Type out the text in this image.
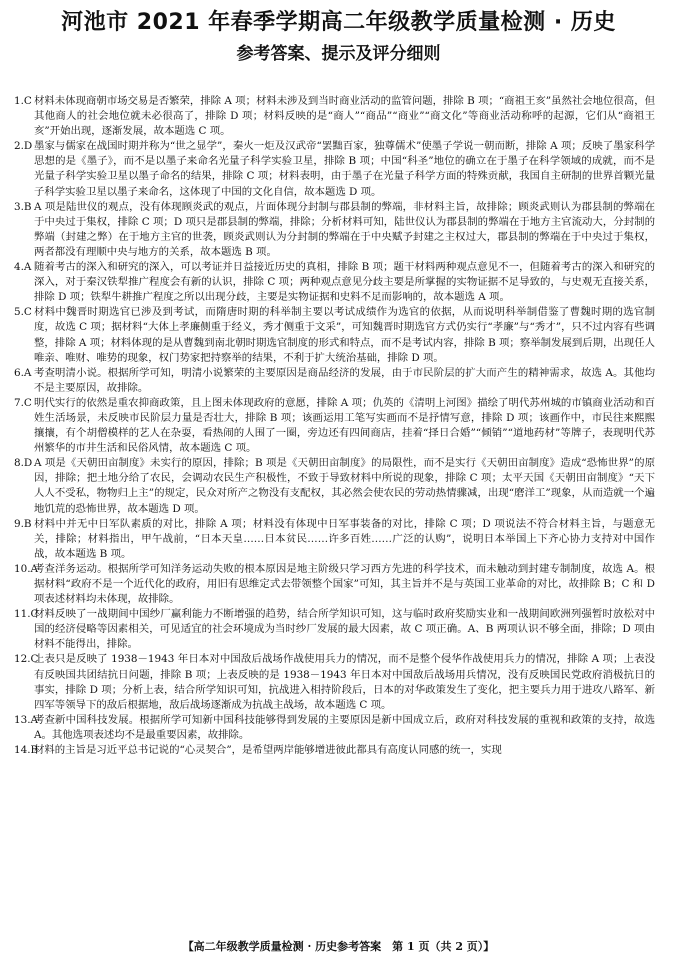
河池市 2021 年春季学期高二年级教学质量检测 · 历史
参考答案、提示及评分细则
1.C 材料未体现商朝市场交易是否繁荣，排除 A 项；材料未涉及到当时商业活动的监管问题，排除 B 项；“商祖王亥”虽然社会地位很高，但其他商人的社会地位就未必很高了，排除 D 项；材料反映的是“商人”“商品”“商业”“商文化”等商业活动称呼的起源，它们从“商祖王亥”开始出现，逐渐发展，故本题选 C 项。
2.D 墨家与儒家在战国时期并称为“世之显学”，秦火一炬及汉武帝“罢黜百家，独尊儒术”使墨子学说一朝而断，排除 A 项；反映了墨家科学思想的是《墨子》，而不是以墨子来命名光量子科学实验卫星，排除 B 项；中国“科圣”地位的确立在于墨子在科学领域的成就，而不是光量子科学实验卫星以墨子命名的结果，排除 C 项；材料表明，由于墨子在光量子科学方面的特殊贡献，我国自主研制的世界首颗光量子科学实验卫星以墨子来命名，这体现了中国的文化自信，故本题选 D 项。
3.B A 项是陆世仪的观点，没有体现顾炎武的观点，片面体现分封制与郡县制的弊端，非材料主旨，故排除；顾炎武则认为郡县制的弊端在于中央过于集权，排除 C 项；D 项只是郡县制的弊端，排除；分析材料可知，陆世仪认为郡县制的弊端在于地方主官流动大，分封制的弊端（封建之弊）在于地方主官的世袭，顾炎武则认为分封制的弊端在于中央赋予封建之主权过大，郡县制的弊端在于中央过于集权，两者都没有理顺中央与地方的关系，故本题选 B 项。
4.A 随着考古的深入和研究的深入，可以考证并日益接近历史的真相，排除 B 项；题干材料两种观点意见不一，但随着考古的深入和研究的深入，对于秦汉铁犁推广程度会有新的认识，排除 C 项；两种观点意见分歧主要是所掌握的实物证据不足导致的，与史观无直接关系，排除 D 项；铁犁牛耕推广程度之所以出现分歧，主要是实物证据和史料不足而影响的，故本题选 A 项。
5.C 材料中魏晋时期选官已涉及到考试，而隋唐时期的科举制主要以考试成绩作为选官的依据，从而说明科举制借鉴了曹魏时期的选官制度，故选 C 项；据材料“大体上孝廉侧重于经义，秀才侧重于文采”，可知魏晋时期选官方式仍实行“孝廉”与“秀才”，只不过内容有些调整，排除 A 项；材料体现的是从曹魏到南北朝时期选官制度的形式和特点，而不是考试内容，排除 B 项；察举制发展到后期，出现任人唯亲、唯财、唯势的现象，权门势家把持察举的结果，不利于扩大统治基础，排除 D 项。
6.A 考查明清小说。根据所学可知，明清小说繁荣的主要原因是商品经济的发展，由于市民阶层的扩大而产生的精神需求，故选 A。其他均不是主要原因，故排除。
7.C 明代实行的依然是重农抑商政策，且上图未体现政府的意愿，排除 A 项；仇英的《清明上河图》描绘了明代苏州城的市镇商业活动和百姓生活场景，未反映市民阶层力量是否壮大，排除 B 项；该画运用工笔写实画而不是抒情写意，排除 D 项；该画作中，市民往来熙熙攘攘，有个胡僧模样的艺人在杂耍，看热闹的人围了一圈，旁边还有四间商店，挂着“择日合婚”“倾销”“道地药材”等牌子，表现明代苏州繁华的市井生活和民俗风情，故本题选 C 项。
8.D A 项是《天朝田亩制度》未实行的原因，排除；B 项是《天朝田亩制度》的局限性，而不是实行《天朝田亩制度》造成“恐怖世界”的原因，排除；把土地分给了农民，会调动农民生产积极性，不致于导致材料中所说的现象，排除 C 项；太平天国《天朝田亩制度》“天下人人不受私，物物归上主”的规定，民众对所产之物没有支配权，其必然会使农民的劳动热情骤减，出现“磨洋工”现象，从而造就一个遍地饥荒的恐怖世界，故本题选 D 项。
9.B 材料中并无中日军队素质的对比，排除 A 项；材料没有体现中日军事装备的对比，排除 C 项；D 项说法不符合材料主旨，与题意无关，排除；材料指出，甲午战前，“日本天皇……日本贫民……许多百姓……广泛的认购”，说明日本举国上下齐心协力支持对中国作战，故本题选 B 项。
10.A
考查洋务运动。根据所学可知洋务运动失败的根本原因是地主阶级只学习西方先进的科学技术，而未触动到封建专制制度，故选 A。根据材料“政府不是一个近代化的政府，用旧有思维定式去带领整个国家”可知，其主旨并不是与英国工业革命的对比，故排除 B；C 和 D 项表述材料均未体现，故排除。
11.C
材料反映了一战期间中国纱厂赢利能力不断增强的趋势，结合所学知识可知，这与临时政府奖励实业和一战期间欧洲列强暂时放松对中国的经济侵略等因素相关，可见适宜的社会环境成为当时纱厂发展的最大因素，故 C 项正确。A、B 两项认识不够全面，排除；D 项由材料不能得出，排除。
12.C
上表只是反映了 1938－1943 年日本对中国敌后战场作战使用兵力的情况，而不是整个侵华作战使用兵力的情况，排除 A 项；上表没有反映国共团结抗日问题，排除 B 项；上表反映的是 1938－1943 年日本对中国敌后战场用兵情况，没有反映国民党政府消极抗日的事实，排除 D 项；分析上表，结合所学知识可知，抗战进入相持阶段后，日本的对华政策发生了变化，把主要兵力用于进攻八路军、新四军等领导下的敌后根据地，敌后战场逐渐成为抗战主战场，故本题选 C 项。
13.A
考查新中国科技发展。根据所学可知新中国科技能够得到发展的主要原因是新中国成立后，政府对科技发展的重视和政策的支持，故选 A。其他选项表述均不是最重要因素，故排除。
14.B
材料的主旨是习近平总书记说的“心灵契合”，是希望两岸能够增进彼此都具有高度认同感的统一，实现
【高二年级教学质量检测 · 历史参考答案　第 1 页（共 2 页）】
